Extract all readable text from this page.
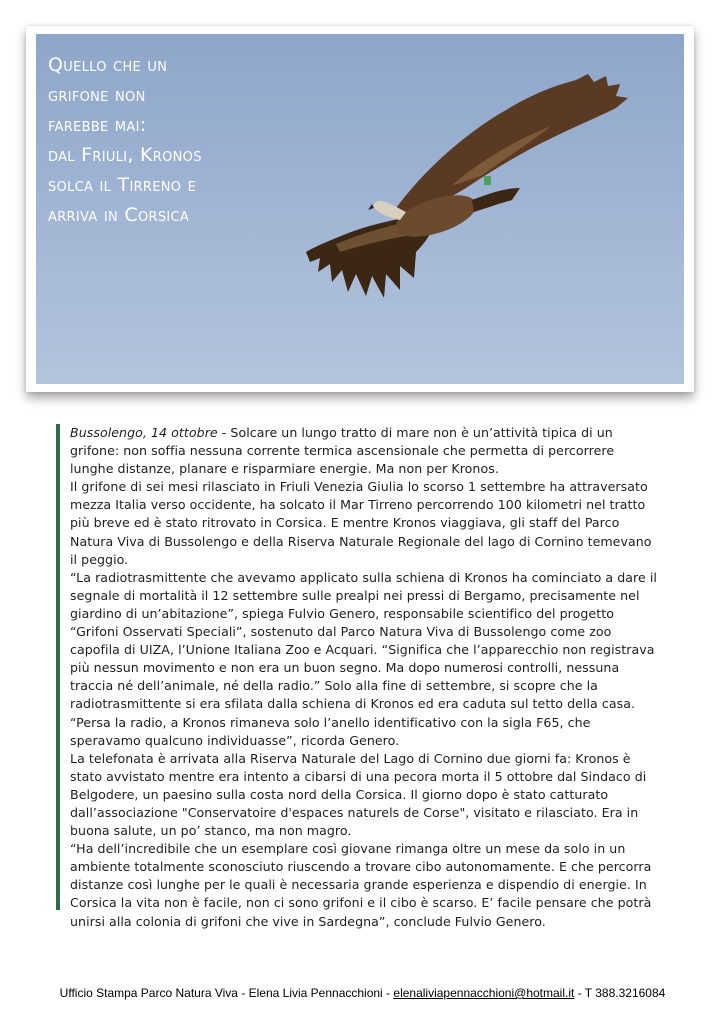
Quello che un
grifone non
farebbe mai:
dal Friuli, Kronos
solca il Tirreno e
arriva in Corsica

Bussolengo, 14 ottobre - Solcare un lungo tratto di mare non è un’attività tipica di un grifone: non soffia nessuna corrente termica ascensionale che permetta di percorrere lunghe distanze, planare e risparmiare energie. Ma non per Kronos.

Il grifone di sei mesi rilasciato in Friuli Venezia Giulia lo scorso 1 settembre ha attraversato mezza Italia verso occidente, ha solcato il Mar Tirreno percorrendo 100 kilometri nel tratto più breve ed è stato ritrovato in Corsica. E mentre Kronos viaggiava, gli staff del Parco Natura Viva di Bussolengo e della Riserva Naturale Regionale del lago di Cornino temevano il peggio.

“La radiotrasmittente che avevamo applicato sulla schiena di Kronos ha cominciato a dare il segnale di mortalità il 12 settembre sulle prealpi nei pressi di Bergamo, precisamente nel giardino di un’abitazione”, spiega Fulvio Genero, responsabile scientifico del progetto “Grifoni Osservati Speciali”, sostenuto dal Parco Natura Viva di Bussolengo come zoo capofila di UIZA, l’Unione Italiana Zoo e Acquari. “Significa che l’apparecchio non registrava più nessun movimento e non era un buon segno. Ma dopo numerosi controlli, nessuna traccia né dell’animale, né della radio.” Solo alla fine di settembre, si scopre che la radiotrasmittente si era sfilata dalla schiena di Kronos ed era caduta sul tetto della casa. “Persa la radio, a Kronos rimaneva solo l’anello identificativo con la sigla F65, che speravamo qualcuno individuasse”, ricorda Genero.

La telefonata è arrivata alla Riserva Naturale del Lago di Cornino due giorni fa: Kronos è stato avvistato mentre era intento a cibarsi di una pecora morta il 5 ottobre dal Sindaco di Belgodere, un paesino sulla costa nord della Corsica. Il giorno dopo è stato catturato dall’associazione "Conservatoire d'espaces naturels de Corse", visitato e rilasciato. Era in buona salute, un po’ stanco, ma non magro.

“Ha dell’incredibile che un esemplare così giovane rimanga oltre un mese da solo in un ambiente totalmente sconosciuto riuscendo a trovare cibo autonomamente. E che percorra distanze così lunghe per le quali è necessaria grande esperienza e dispendio di energie. In Corsica la vita non è facile, non ci sono grifoni e il cibo è scarso. E’ facile pensare che potrà unirsi alla colonia di grifoni che vive in Sardegna”, conclude Fulvio Genero.

Ufficio Stampa Parco Natura Viva - Elena Livia Pennacchioni - elenaliviapennacchioni@hotmail.it - T 388.3216084
